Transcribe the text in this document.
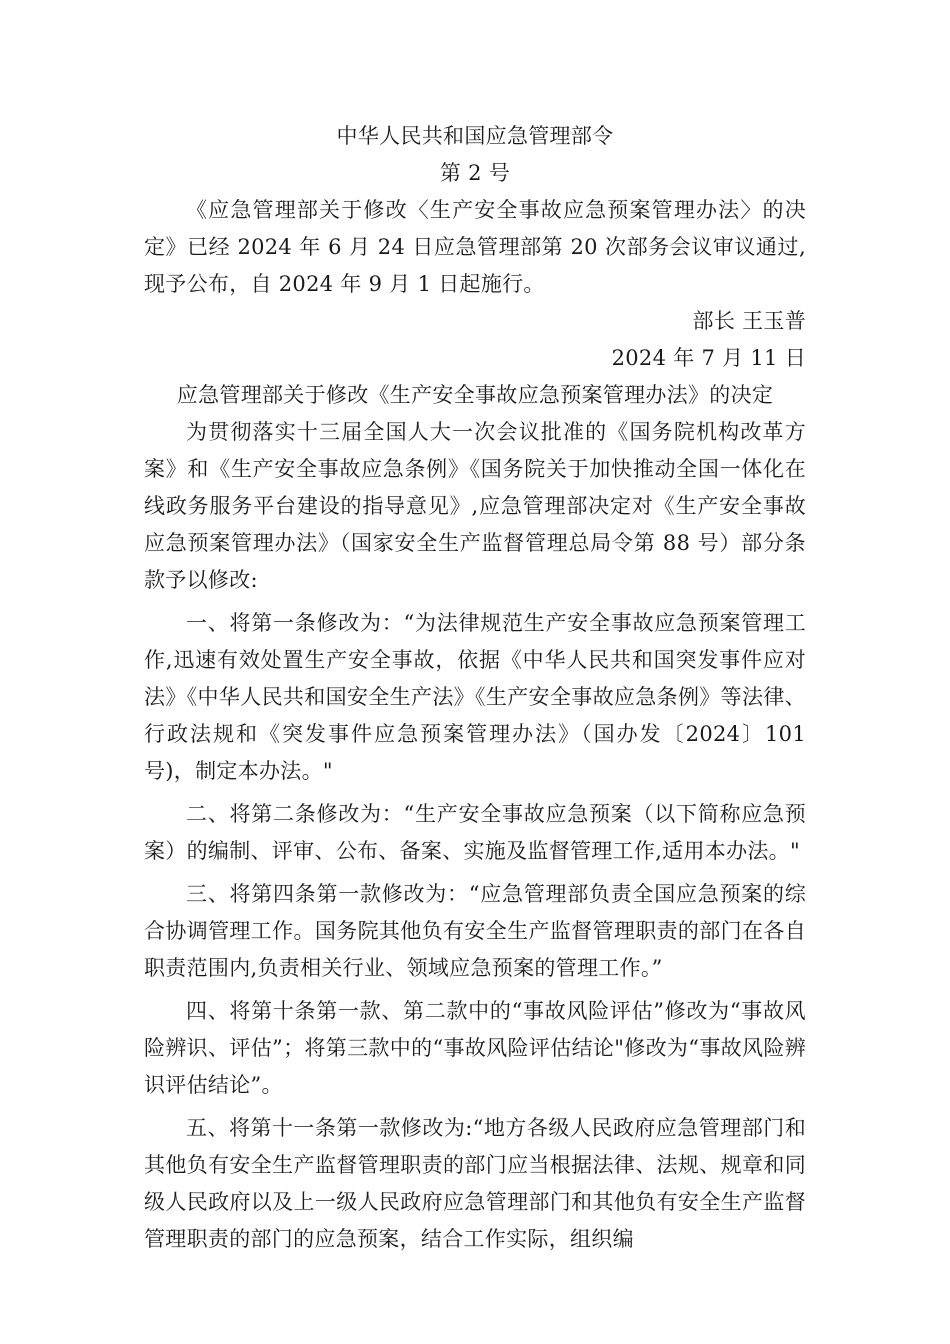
中华人民共和国应急管理部令
第 2 号

《应急管理部关于修改〈生产安全事故应急预案管理办法〉的决定》已经 2024 年 6 月 24 日应急管理部第 20 次部务会议审议通过,现予公布，自 2024 年 9 月 1 日起施行。

部长 王玉普
2024 年 7 月 11 日
应急管理部关于修改《生产安全事故应急预案管理办法》的决定

为贯彻落实十三届全国人大一次会议批准的《国务院机构改革方案》和《生产安全事故应急条例》《国务院关于加快推动全国一体化在线政务服务平台建设的指导意见》,应急管理部决定对《生产安全事故应急预案管理办法》（国家安全生产监督管理总局令第 88 号）部分条款予以修改:

一、将第一条修改为：“为法律规范生产安全事故应急预案管理工作,迅速有效处置生产安全事故，依据《中华人民共和国突发事件应对法》《中华人民共和国安全生产法》《生产安全事故应急条例》等法律、行政法规和《突发事件应急预案管理办法》（国办发〔2024〕101 号)，制定本办法。"

二、将第二条修改为：“生产安全事故应急预案（以下简称应急预案）的编制、评审、公布、备案、实施及监督管理工作,适用本办法。"

三、将第四条第一款修改为：“应急管理部负责全国应急预案的综合协调管理工作。国务院其他负有安全生产监督管理职责的部门在各自职责范围内,负责相关行业、领域应急预案的管理工作。”

四、将第十条第一款、第二款中的“事故风险评估”修改为“事故风险辨识、评估”；将第三款中的“事故风险评估结论"修改为“事故风险辨识评估结论”。

五、将第十一条第一款修改为:“地方各级人民政府应急管理部门和其他负有安全生产监督管理职责的部门应当根据法律、法规、规章和同级人民政府以及上一级人民政府应急管理部门和其他负有安全生产监督管理职责的部门的应急预案，结合工作实际，组织编
